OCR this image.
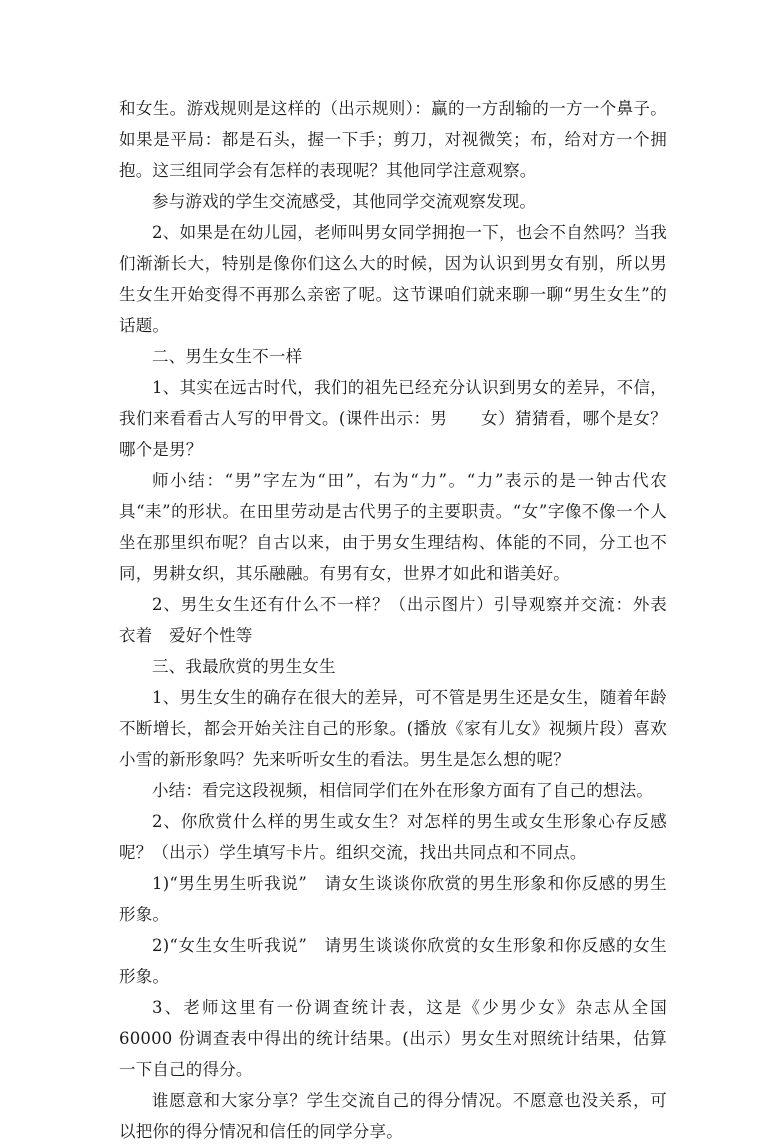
和女生。游戏规则是这样的（出示规则）：赢的一方刮输的一方一个鼻子。如果是平局：都是石头，握一下手；剪刀，对视微笑；布，给对方一个拥抱。这三组同学会有怎样的表现呢？其他同学注意观察。

参与游戏的学生交流感受，其他同学交流观察发现。

2、如果是在幼儿园，老师叫男女同学拥抱一下，也会不自然吗？当我们渐渐长大，特别是像你们这么大的时候，因为认识到男女有别，所以男生女生开始变得不再那么亲密了呢。这节课咱们就来聊一聊“男生女生”的话题。

二、男生女生不一样

1、其实在远古时代，我们的祖先已经充分认识到男女的差异，不信，我们来看看古人写的甲骨文。(课件出示：男　　女）猜猜看，哪个是女？哪个是男？

师小结：“男”字左为“田”，右为“力”。“力”表示的是一钟古代农具“耒”的形状。在田里劳动是古代男子的主要职责。“女”字像不像一个人坐在那里织布呢？自古以来，由于男女生理结构、体能的不同，分工也不同，男耕女织，其乐融融。有男有女，世界才如此和谐美好。

2、男生女生还有什么不一样？（出示图片）引导观察并交流：外表　衣着　爱好个性等

三、我最欣赏的男生女生

1、男生女生的确存在很大的差异，可不管是男生还是女生，随着年龄不断增长，都会开始关注自己的形象。(播放《家有儿女》视频片段）喜欢小雪的新形象吗？先来听听女生的看法。男生是怎么想的呢？

小结：看完这段视频，相信同学们在外在形象方面有了自己的想法。

2、你欣赏什么样的男生或女生？对怎样的男生或女生形象心存反感呢？（出示）学生填写卡片。组织交流，找出共同点和不同点。

1)“男生男生听我说”　请女生谈谈你欣赏的男生形象和你反感的男生形象。

2)“女生女生听我说”　请男生谈谈你欣赏的女生形象和你反感的女生形象。

3、老师这里有一份调查统计表，这是《少男少女》杂志从全国 60000 份调查表中得出的统计结果。(出示）男女生对照统计结果，估算一下自己的得分。

谁愿意和大家分享？学生交流自己的得分情况。不愿意也没关系，可以把你的得分情况和信任的同学分享。
